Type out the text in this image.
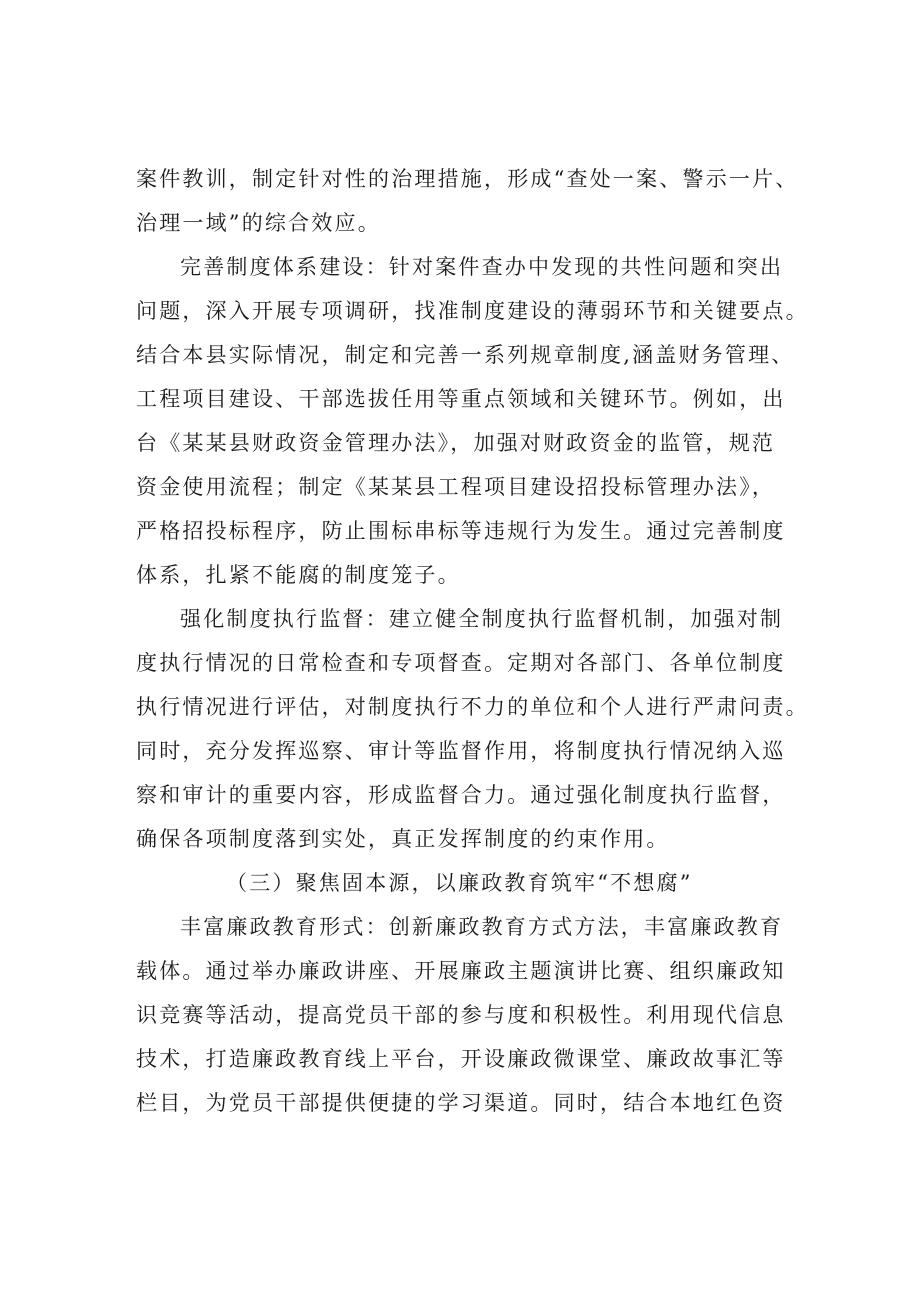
案件教训，制定针对性的治理措施，形成“查处一案、警示一片、
治理一域”的综合效应。
完善制度体系建设：针对案件查办中发现的共性问题和突出
问题，深入开展专项调研，找准制度建设的薄弱环节和关键要点。
结合本县实际情况，制定和完善一系列规章制度,涵盖财务管理、
工程项目建设、干部选拔任用等重点领域和关键环节。例如，出
台《某某县财政资金管理办法》，加强对财政资金的监管，规范
资金使用流程；制定《某某县工程项目建设招投标管理办法》，
严格招投标程序，防止围标串标等违规行为发生。通过完善制度
体系，扎紧不能腐的制度笼子。
强化制度执行监督：建立健全制度执行监督机制，加强对制
度执行情况的日常检查和专项督查。定期对各部门、各单位制度
执行情况进行评估，对制度执行不力的单位和个人进行严肃问责。
同时，充分发挥巡察、审计等监督作用，将制度执行情况纳入巡
察和审计的重要内容，形成监督合力。通过强化制度执行监督，
确保各项制度落到实处，真正发挥制度的约束作用。
（三）聚焦固本源，以廉政教育筑牢“不想腐”
丰富廉政教育形式：创新廉政教育方式方法，丰富廉政教育
载体。通过举办廉政讲座、开展廉政主题演讲比赛、组织廉政知
识竞赛等活动，提高党员干部的参与度和积极性。利用现代信息
技术，打造廉政教育线上平台，开设廉政微课堂、廉政故事汇等
栏目，为党员干部提供便捷的学习渠道。同时，结合本地红色资
